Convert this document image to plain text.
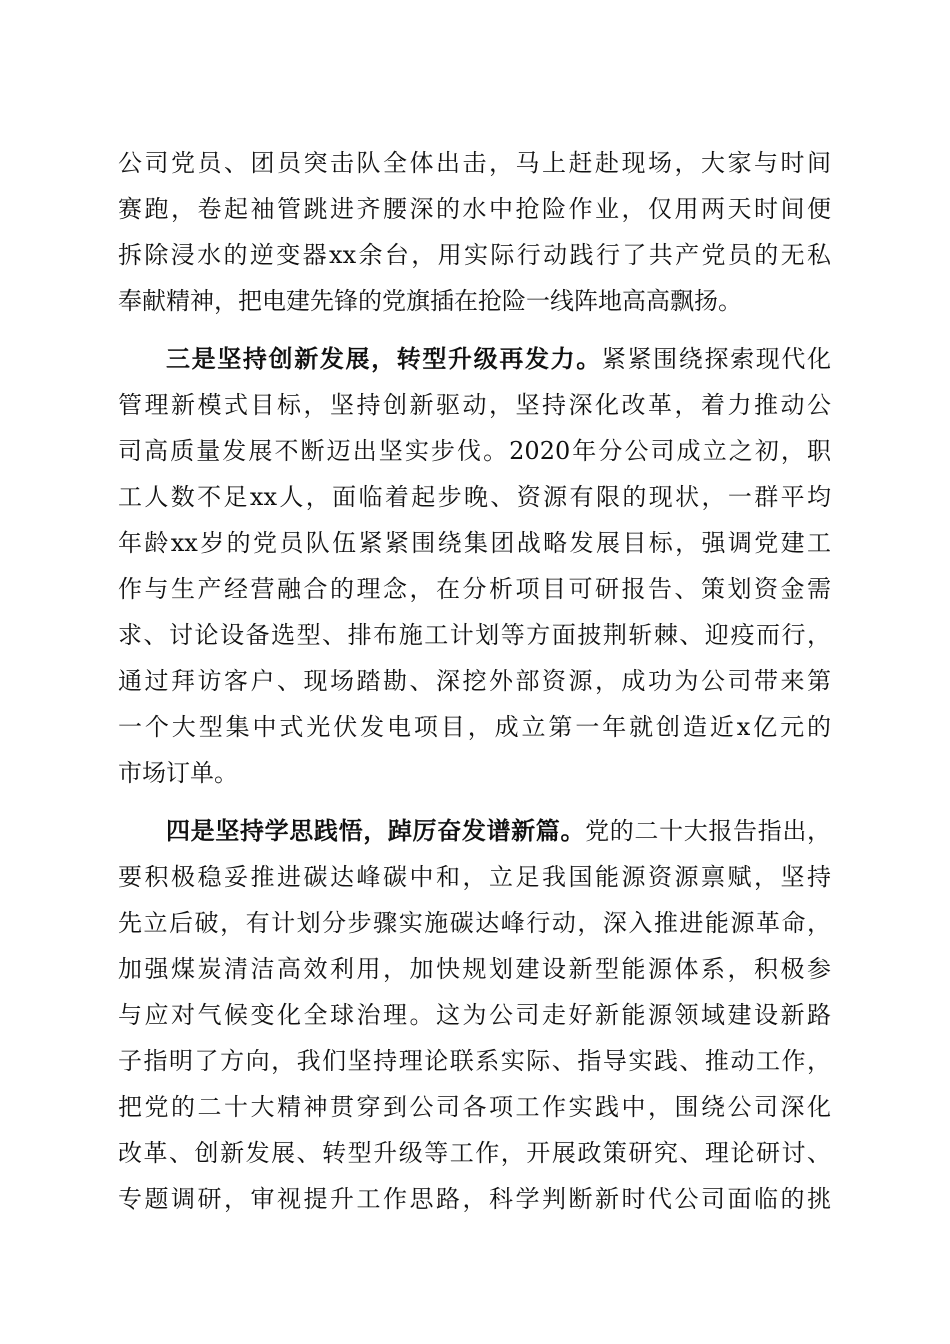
公司党员、团员突击队全体出击，马上赶赴现场，大家与时间
赛跑，卷起袖管跳进齐腰深的水中抢险作业，仅用两天时间便
拆除浸水的逆变器xx余台，用实际行动践行了共产党员的无私
奉献精神，把电建先锋的党旗插在抢险一线阵地高高飘扬。
三是坚持创新发展，转型升级再发力。紧紧围绕探索现代化
管理新模式目标，坚持创新驱动，坚持深化改革，着力推动公
司高质量发展不断迈出坚实步伐。2020年分公司成立之初，职
工人数不足xx人，面临着起步晚、资源有限的现状，一群平均
年龄xx岁的党员队伍紧紧围绕集团战略发展目标，强调党建工
作与生产经营融合的理念，在分析项目可研报告、策划资金需
求、讨论设备选型、排布施工计划等方面披荆斩棘、迎疫而行，
通过拜访客户、现场踏勘、深挖外部资源，成功为公司带来第
一个大型集中式光伏发电项目，成立第一年就创造近x亿元的
市场订单。
四是坚持学思践悟，踔厉奋发谱新篇。党的二十大报告指出，
要积极稳妥推进碳达峰碳中和，立足我国能源资源禀赋，坚持
先立后破，有计划分步骤实施碳达峰行动，深入推进能源革命，
加强煤炭清洁高效利用，加快规划建设新型能源体系，积极参
与应对气候变化全球治理。这为公司走好新能源领域建设新路
子指明了方向，我们坚持理论联系实际、指导实践、推动工作，
把党的二十大精神贯穿到公司各项工作实践中，围绕公司深化
改革、创新发展、转型升级等工作，开展政策研究、理论研讨、
专题调研，审视提升工作思路，科学判断新时代公司面临的挑
